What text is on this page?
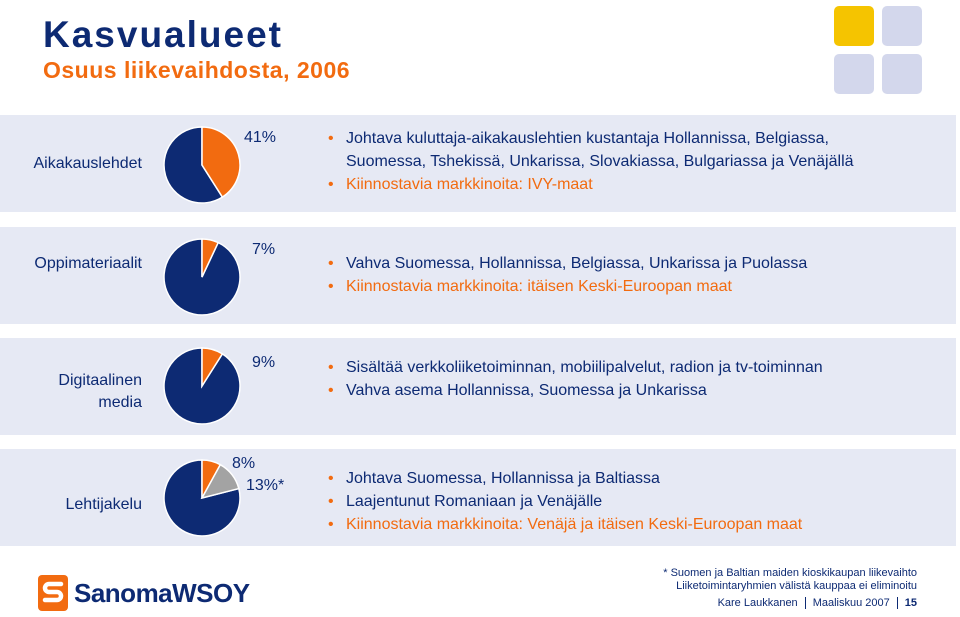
Kasvualueet
Osuus liikevaihdosta, 2006
Aikakauslehdet
41%	• Johtava kuluttaja-aikakauslehtien kustantaja Hollannissa, Belgiassa,
Suomessa, Tshekissä, Unkarissa, Slovakiassa, Bulgariassa ja Venäjällä
• Kiinnostavia markkinoita: IVY-maat
Oppimateriaalit
7%
• Vahva Suomessa, Hollannissa, Belgiassa, Unkarissa ja Puolassa
• Kiinnostavia markkinoita: itäisen Keski-Euroopan maat
Digitaalinen
media
9%	• Sisältää verkkoliiketoiminnan, mobiilipalvelut, radion ja tv-toiminnan
• Vahva asema Hollannissa, Suomessa ja Unkarissa
Lehtijakelu
8%
13%*	• Johtava Suomessa, Hollannissa ja Baltiassa
• Laajentunut Romaniaan ja Venäjälle
• Kiinnostavia markkinoita: Venäjä ja itäisen Keski-Euroopan maat
SanomaWSOY
* Suomen ja Baltian maiden kioskikaupan liikevaihto
Liiketoimintaryhmien välistä kauppaa ei eliminoitu
Kare Laukkanen Maaliskuu 2007 15
